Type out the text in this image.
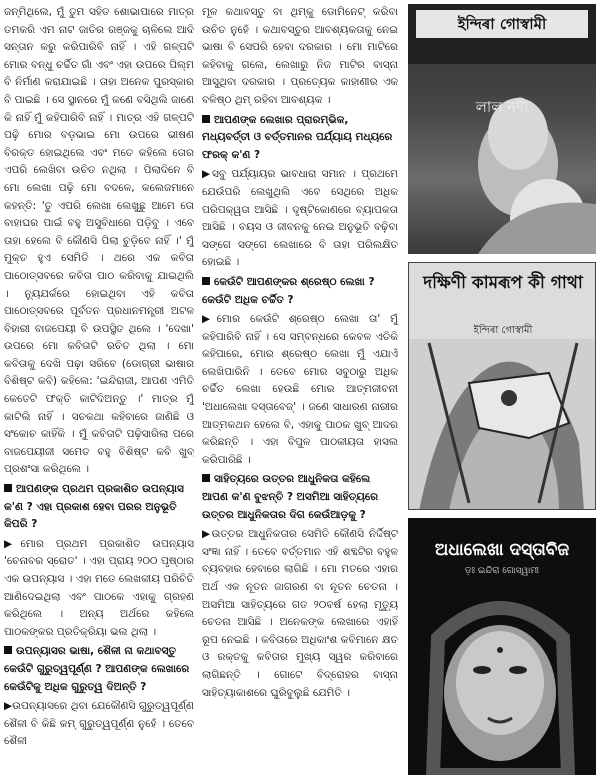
ଜନ୍ମିଥିଲେ, ମୁଁ ତୁମ ସହିତ ଶୋଭାପାରେ ମାତ୍ର ତମକରି ଏମ ନାଟ ଜାତିର ରଞ୍ଜକୁ ଚାଳିଲେ ଆଦି ସନ୍ତାନ କରୁ କରିପାରିବି ନାହିଁ । ଏହି ଗଳ୍ପଟି ମୋର ବନ୍ଧୁ ଚର୍ଚ୍ଚିତ ଗାଁ ଏବଂ ଏହା ଉପରେ ପିଲ୍ମ ବି ନିର୍ମାଣ କରାଯାଇଛି । ତାହା ଅନେକ ପୁରସ୍କାର ବି ପାଇଛି । ସେ ସ୍ଥାନରେ ମୁଁ କଣେ ବସିଥିଲି ଜାଣେ କି ନାହିଁ ମୁଁ କହିପାରିବି ନାହିଁ । ମାତ୍ର ଏହି ଗଳ୍ପଟି ପଢ଼ି ମୋର ବଡ଼ଭାଇ ମୋ ଉପରେ ଭୀଷଣ ବିରକ୍ତ ହୋଇଥିଲେ ଏବଂ ମତେ କହିଲେ ତୋର ଏପରି ଲେଖିବା ଉଚିତ ନଥିଲା । ପିଲାଦିନେ ବି ମୋ ଲେଖା ପଢ଼ି ମୋ ବଦଳେ, କଲେଜମାନେ କହନ୍ତି: 'ତୁ ଏପରି ଲେଖା ଲେଖୁଛୁ ଆମେ ତୋ ବାହାଘର ପାଇଁ ବହୁ ଅସୁବିଧାରେ ପଡ଼ିବୁ । ଏବେ ତାହା ହେଲେ ବି କୌଣସି ପିଲା ଚୁଡ଼ିବେ ନାହିଁ ।' ମୁଁ ମୁକ୍ତ ହୁଏ ସେମିତି । ଥରେ ଏକ କବିତା ପାଠୋତ୍ସବରେ କବିତା ପାଠ କରିବାକୁ ଯାଇଥିଲି । ନ୍ୟୁଯର୍କରେ ହୋଇଥିବା ଏହି କବିତା ପାଠୋତ୍ସବରେ ପୂର୍ବତନ ପ୍ରଧାନମନ୍ତ୍ରୀ ଅଟଳ ବିହାରୀ ବାଜପେୟୀ ବି ଉପସ୍ଥିତ ଥିଲେ । 'ଦେଖା' ଉପରେ ମୋ କବିତାଟି ରଚିତ ଥିଲା । ମୋ କବିତାକୁ ଦେଖି ପଢ଼ା ସରିବେ (ଡୋଗ୍ରୀ ଭାଷାର ବିଶିଷ୍ଟ କବି) କହିଲେ: 'ଇନ୍ଦିରାଜୀ, ଆପଣ ଏମିତି କେତେଟି ଫକ୍ତି କାଟିଦିଅନ୍ତୁ ।' ମାତ୍ର ମୁଁ କାଟିଲି ନାହିଁ । ସଚକଥା କହିବାରେ ଜାଣିଛି ଓ ସଂକୋଚ କାହିଁକି । ମୁଁ କବିତାଟି ପଢ଼ିସାରିଲା ପରେ ବାଜପେୟୀଜୀ ସମେତ ବହୁ ବିଶିଷ୍ଟ କବି ଖୁବ୍ ପ୍ରଶଂସା କରିଥିଲେ ।

ଆପଣଙ୍କ ପ୍ରଥମ ପ୍ରକାଶିତ ଉପନ୍ୟାସ କ'ଣ ? ଏହା ପ୍ରକାଶ ହେବା ପରର ଅନୁଭୂତି କିପରି ?

▶ମୋର ପ୍ରଥମ ପ୍ରକାଶିତ ଉପନ୍ୟାସ 'ଚେନାବର ସ୍ରୋତ' । ଏହା ପ୍ରାୟ ୨୦୦ ପୃଷ୍ଠାର ଏକ ଉପନ୍ୟାସ । ଏହା ମତେ ଲେଖକୀୟ ପରିଚିତି ଆଣିଦେଇଥିଲା ଏବଂ ପାଠକେ ଏହାକୁ ଗ୍ରହଣ କରିଥିଲେ । ଅନ୍ୟ ଅର୍ଥରେ କହିଲେ ପାଠକଙ୍କର ପ୍ରତିକ୍ରିୟା ଭଲ ଥିଲା ।

ଉପନ୍ୟାସର ଭାଷା, ଶୈଳୀ ନା କଥାବସ୍ତୁ କେଉଁଟି ଗୁରୁତ୍ୱପୂର୍ଣ୍ଣ ? ଆପଣଙ୍କ ଲେଖାରେ କେଉଁଟିକୁ ଅଧିକ ଗୁରୁତ୍ୱ ଦିଅନ୍ତି ?

▶ଉପନ୍ୟାସରେ ଥିବା ଯେକୌଣସି ଗୁରୁତ୍ୱପୂର୍ଣ୍ଣ ଶୈଳୀ ବି କିଛି କମ୍ ଗୁରୁତ୍ୱପୂର୍ଣ୍ଣ ନୁହେଁ । ତେବେ ଶୈଳୀ

ମୂଳ କଥାବସ୍ତୁ ବା ଥିମ୍‌କୁ ଡୋମିନେଟ୍ କରିବା ଉଚିତ ନୁହେଁ । କଥାବସ୍ତୁର ଆବଶ୍ୟକତାକୁ ନେଇ ଭାଷା ବି ସେପରି ହେବା ଦରକାର । ମୋ ମାଟିରେ କହିବାକୁ ଗଲେ, ଲେଖାରୁ ନିଜ ମାଟିର ବାସ୍ନା ଆସୁଥିବା ଦରକାର । ପ୍ରତ୍ୟେକ କାହାଣୀର ଏକ ବଳିଷ୍ଠ ଥିମ୍ ରହିବା ଆବଶ୍ୟକ ।

ଆପଣଙ୍କ ଲେଖାର ପ୍ରାରମ୍ଭିକ, ମଧ୍ୟବର୍ତ୍ତୀ ଓ ବର୍ତ୍ତମାନର ପର୍ଯ୍ୟାୟ ମଧ୍ୟରେ ଫରକ୍ କ'ଣ ?

▶ସବୁ ପର୍ଯ୍ୟାୟର ଭାବଧାରା ସମାନ । ପ୍ରଥମେ ଯେଉଁପରି ଲେଖୁଥିଲି ଏବେ ସେଥିରେ ଅଧିକ ପରିପକ୍ୱତା ଆସିଛି । ଦୃଷ୍ଟିକୋଣରେ ବ୍ୟାପକତା ଆସିଛି । ବୟସ ଓ ଜୀବନକୁ ନେଇ ଅନୁଭୂତି ବଢ଼ିବା ସଙ୍ଗେ ସଙ୍ଗେ ଲେଖାରେ ବି ତାହା ପରିଲକ୍ଷିତ ହୋଇଛି ।

କେଉଁଟି ଆପଣଙ୍କର ଶ୍ରେଷ୍ଠ ଲେଖା ? କେଉଁଟି ଅଧିକ ଚର୍ଚ୍ଚିତ ?

▶ମୋର କେଉଁଟି ଶ୍ରେଷ୍ଠ ଲେଖା ତା' ମୁଁ କହିପାରିବି ନାହିଁ । ସେ ସମ୍ବନ୍ଧରେ କେବଳ ଏତିକି କହିପାରେ, ମୋର ଶ୍ରେଷ୍ଠ ଲେଖା ମୁଁ ଏଯାଏଁ ଲେଖିପାରିନି । ତେବେ ମୋର ସବୁଠାରୁ ଅଧିକ ଚର୍ଚ୍ଚିତ ଲେଖା ହେଉଛି ମୋର ଆତ୍ମଜୀବନୀ 'ଅଧାଲେଖା ଦସ୍ତାବେଜ୍' । ଜଣେ ସାଧାରଣ ନାରୀର ଆତ୍ମକଥନ ହେଲେ ବି, ଏହାକୁ ପାଠକ ଖୁବ୍ ଆଦର କରିଛନ୍ତି । ଏହା ବିପୁଳ ପାଠକୀୟତା ହାସଲ କରିପାରିଛି ।

ସାହିତ୍ୟରେ ଉତ୍ତର ଆଧୁନିକତା କହିଲେ ଆପଣ କ'ଣ ବୁଝନ୍ତି ? ଅସମିଆ ସାହିତ୍ୟରେ ଉତ୍ତର ଆଧୁନିକତାର ଦିଗ କେଉଁଆଡ଼କୁ ?

▶ଉତ୍ତର ଆଧୁନିକତାର ସେମିତି କୌଣସି ନିର୍ଦ୍ଦିଷ୍ଟ ସଂଜ୍ଞା ନାହିଁ । ତେବେ ବର୍ତ୍ତମାନ ଏହି ଶବ୍ଦଟିର ବହୁଳ ବ୍ୟବହାର ହେବାରେ ଲାଗିଛି । ମୋ ମତରେ ଏହାର ଅର୍ଥ ଏକ ନୂତନ ଜାଗରଣ ବା ନୂତନ ଚେତନା । ଅସମିଆ ସାହିତ୍ୟରେ ଗତ ୨୦ବର୍ଷ ହେଲା ମୃତ୍ୟୁ ଚେତନା ଆସିଛି । ଅନେକଙ୍କ ଲେଖାରେ ଏହାହିଁ ରୂପ ନେଇଛି । କବିତାରେ ଅଧିକାଂଶ କବିମାନେ କ୍ଷତ ଓ ରକ୍ତକୁ କବିତାର ମୁଖ୍ୟ ସ୍ୱର କରିବାରେ ଲାଗିଛନ୍ତି । ଗୋଟେ ବିଦ୍ରୋହର ବାସ୍ନା ସାହିତ୍ୟାକାଶରେ ଘୁରିବୁଲୁଛି ଯେମିତି ।

ইন্দিৰা গোস্বামী
লাল নদী
দক্ষিণী কামৰূপ কী গাথা
ইন্দিৰা গোস্বামী
ଅଧାଲେଖା ଦସ୍ତାବିଜ
ଡ଼ଃ ଇନ୍ଦିରା ଗୋସ୍ୱାମୀ
